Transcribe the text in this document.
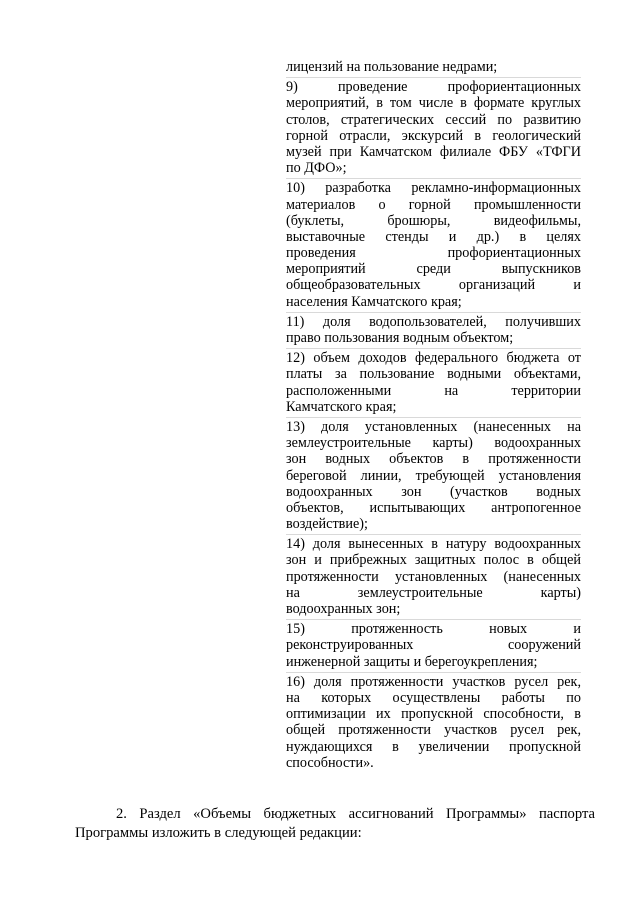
лицензий на пользование недрами;
9) проведение профориентационных
мероприятий, в том числе в формате круглых
столов, стратегических сессий по развитию
горной отрасли, экскурсий в геологический
музей при Камчатском филиале ФБУ «ТФГИ
по ДФО»;
10) разработка рекламно-информационных
материалов о горной промышленности
(буклеты, брошюры, видеофильмы,
выставочные стенды и др.) в целях
проведения профориентационных
мероприятий среди выпускников
общеобразовательных организаций и
населения Камчатского края;
11) доля водопользователей, получивших
право пользования водным объектом;
12) объем доходов федерального бюджета от
платы за пользование водными объектами,
расположенными на территории
Камчатского края;
13) доля установленных (нанесенных на
землеустроительные карты) водоохранных
зон водных объектов в протяженности
береговой линии, требующей установления
водоохранных зон (участков водных
объектов, испытывающих антропогенное
воздействие);
14) доля вынесенных в натуру водоохранных
зон и прибрежных защитных полос в общей
протяженности установленных (нанесенных
на землеустроительные карты)
водоохранных зон;
15) протяженность новых и
реконструированных сооружений
инженерной защиты и берегоукрепления;
16) доля протяженности участков русел рек,
на которых осуществлены работы по
оптимизации их пропускной способности, в
общей протяженности участков русел рек,
нуждающихся в увеличении пропускной
способности».
2. Раздел «Объемы бюджетных ассигнований Программы» паспорта
Программы изложить в следующей редакции:
